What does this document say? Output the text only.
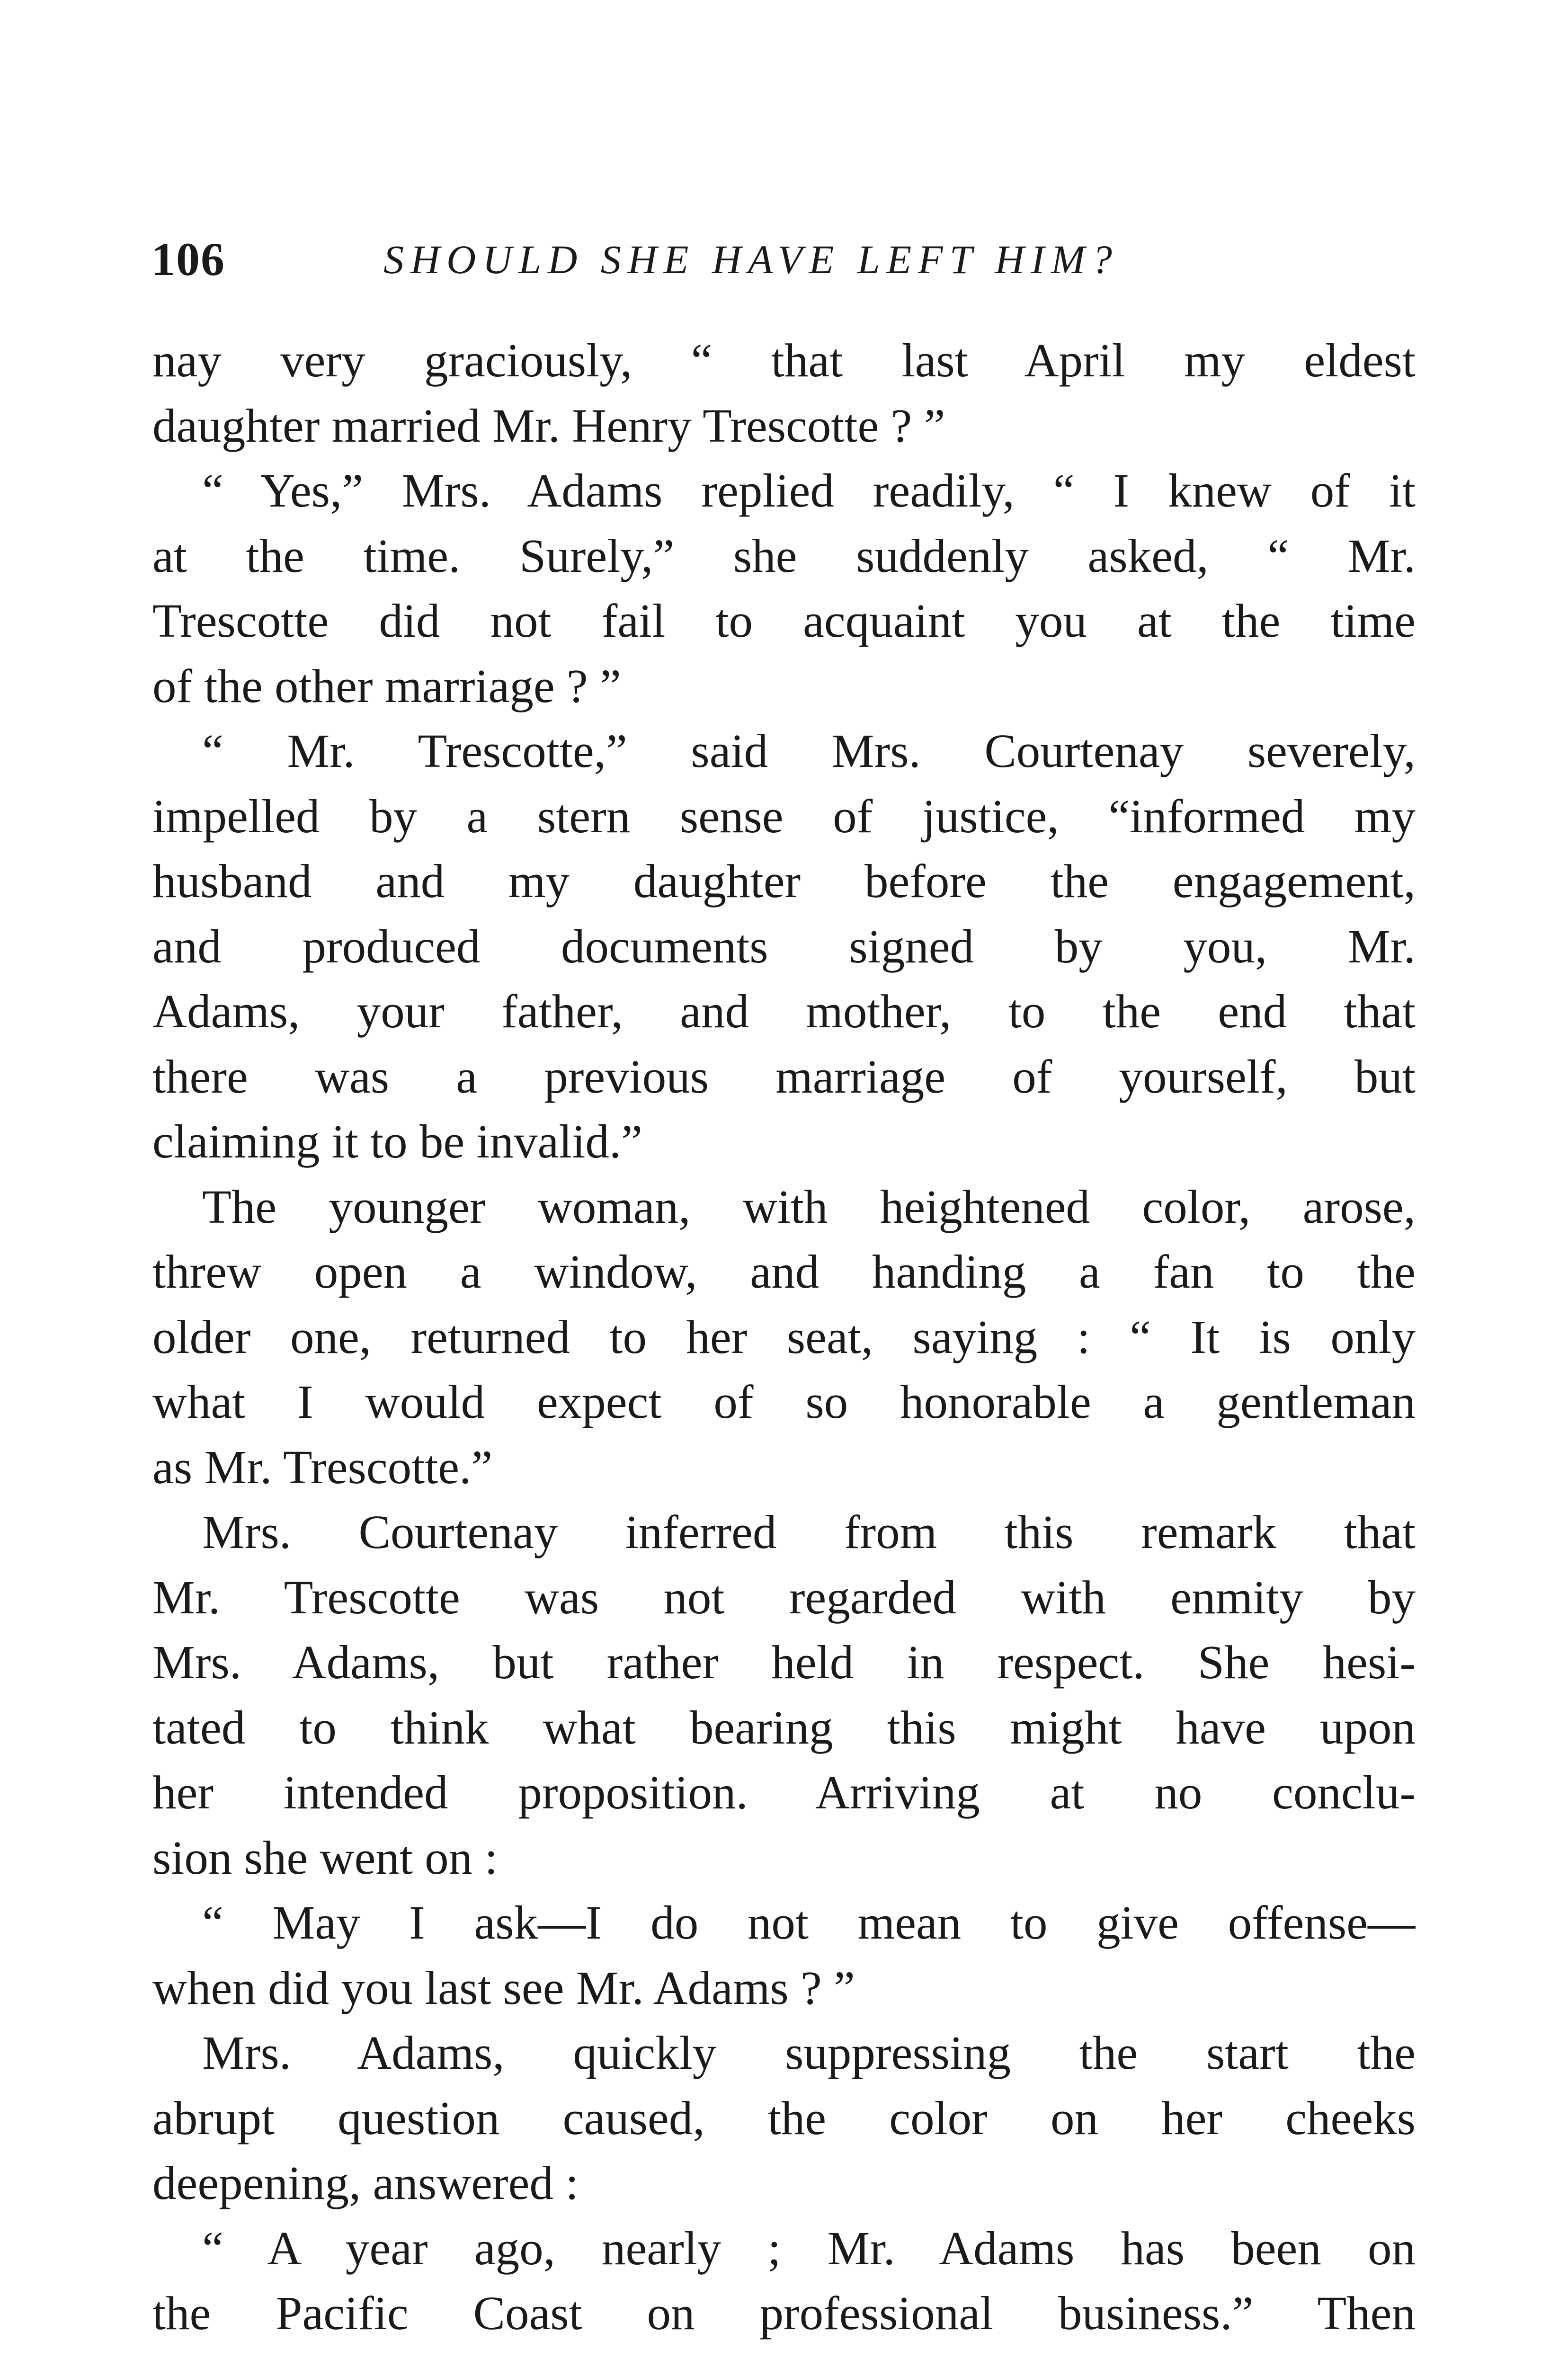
106	SHOULD SHE HAVE LEFT HIM?
nay very graciously, “ that last April my eldest
daughter married Mr. Henry Trescotte ? ”
“ Yes,” Mrs. Adams replied readily, “ I knew of it
at the time. Surely,” she suddenly asked, “ Mr.
Trescotte did not fail to acquaint you at the time
of the other marriage ? ”
“ Mr. Trescotte,” said Mrs. Courtenay severely,
impelled by a stern sense of justice, “informed my
husband and my daughter before the engagement,
and produced documents signed by you, Mr.
Adams, your father, and mother, to the end that
there was a previous marriage of yourself, but
claiming it to be invalid.”
The younger woman, with heightened color, arose,
threw open a window, and handing a fan to the
older one, returned to her seat, saying : “ It is only
what I would expect of so honorable a gentleman
as Mr. Trescotte.”
Mrs. Courtenay inferred from this remark that
Mr. Trescotte was not regarded with enmity by
Mrs. Adams, but rather held in respect. She hesi-
tated to think what bearing this might have upon
her intended proposition. Arriving at no conclu-
sion she went on :
“ May I ask—I do not mean to give offense—
when did you last see Mr. Adams ? ”
Mrs. Adams, quickly suppressing the start the
abrupt question caused, the color on her cheeks
deepening, answered :
“ A year ago, nearly ; Mr. Adams has been on
the Pacific Coast on professional business.” Then
